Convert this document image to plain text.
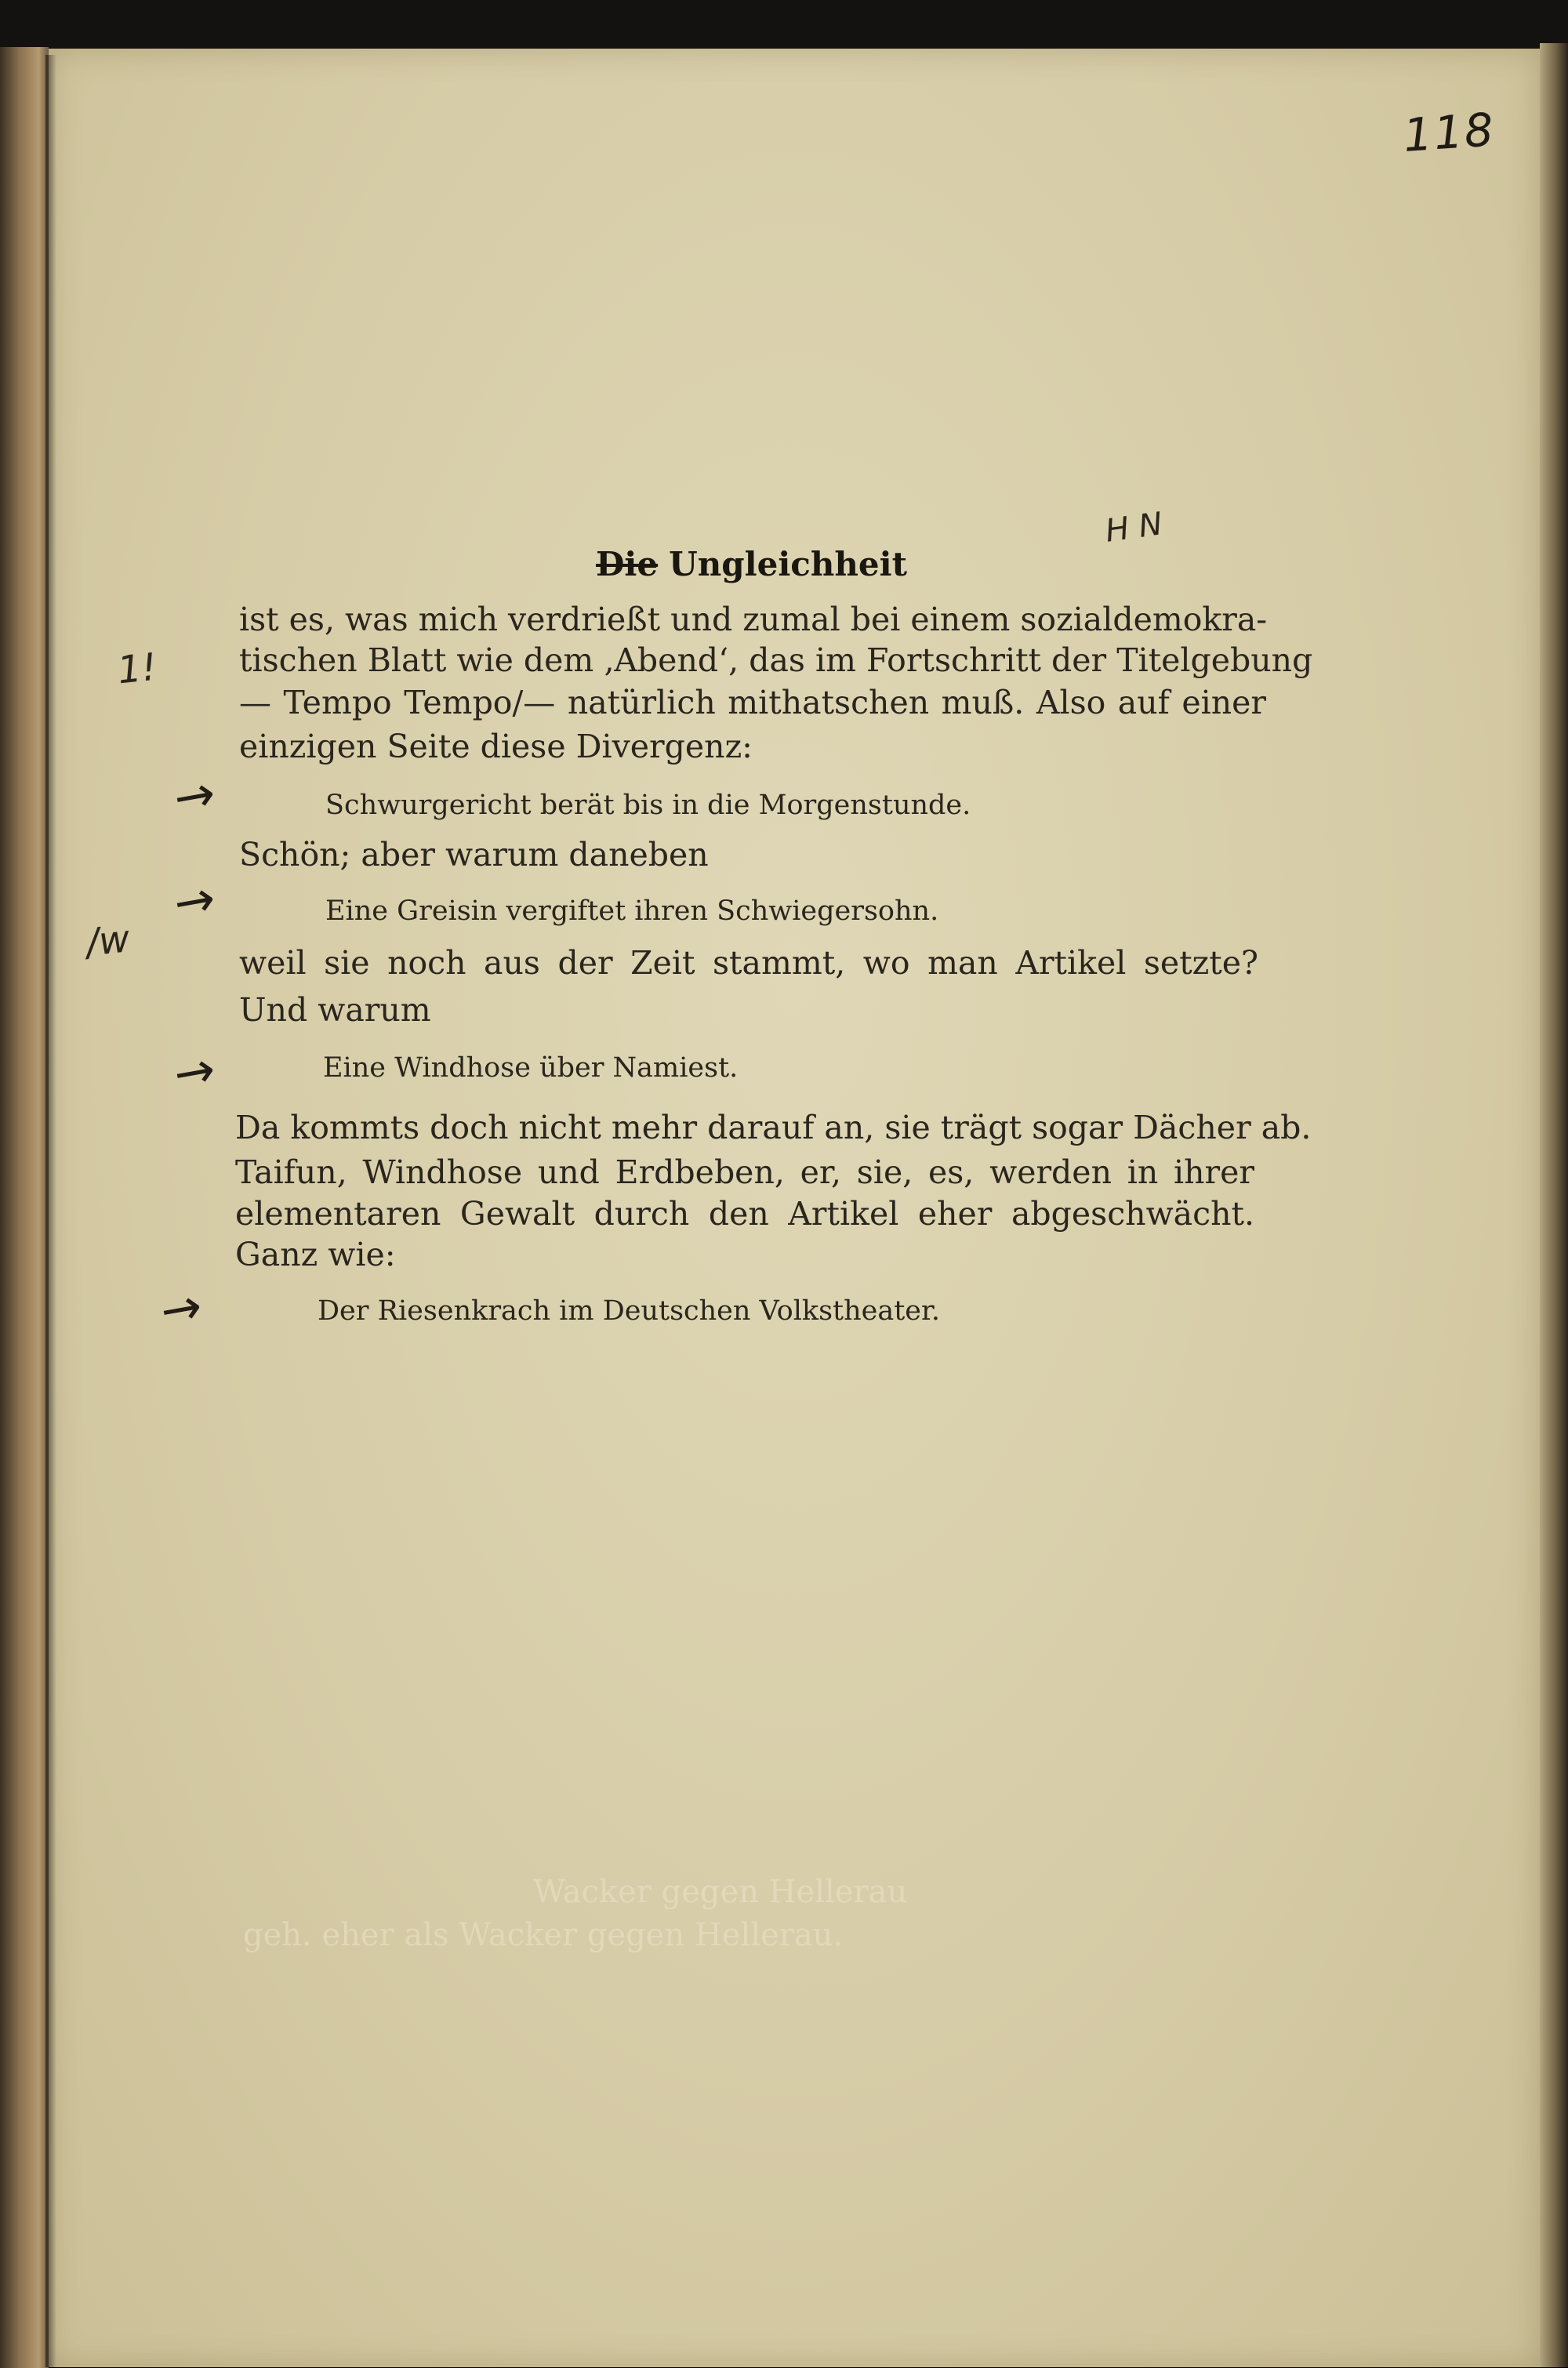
118
H N
1!
/w
→
→
→
→
Die Ungleichheit
ist es, was mich verdrießt und zumal bei einem sozialdemokra-
tischen Blatt wie dem ‚Abend‘, das im Fortschritt der Titelgebung
— Tempo Tempo/— natürlich mithatschen muß. Also auf einer
einzigen Seite diese Divergenz:
Schwurgericht berät bis in die Morgenstunde.
Schön; aber warum daneben
Eine Greisin vergiftet ihren Schwiegersohn.
weil sie noch aus der Zeit stammt, wo man Artikel setzte?
Und warum
Eine Windhose über Namiest.
Da kommts doch nicht mehr darauf an, sie trägt sogar Dächer ab.
Taifun, Windhose und Erdbeben, er, sie, es, werden in ihrer
elementaren Gewalt durch den Artikel eher abgeschwächt.
Ganz wie:
Der Riesenkrach im Deutschen Volkstheater.
Wacker gegen Hellerau
geh. eher als Wacker gegen Hellerau.
